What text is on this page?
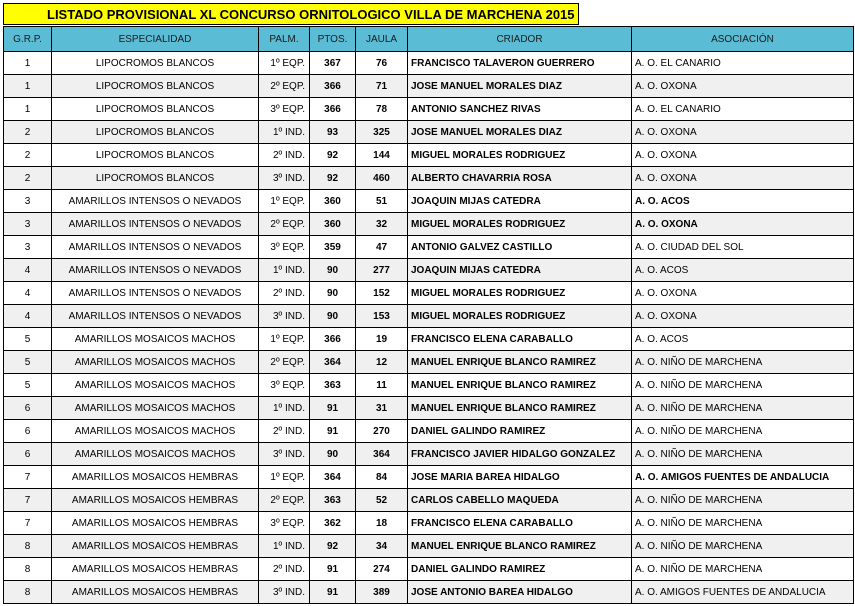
LISTADO PROVISIONAL XL CONCURSO ORNITOLOGICO VILLA DE MARCHENA 2015
G.R.P.	ESPECIALIDAD	PALM.	PTOS.	JAULA	CRIADOR	ASOCIACIÓN
1	LIPOCROMOS BLANCOS	1º EQP.	367	76	FRANCISCO TALAVERON GUERRERO	A. O. EL CANARIO
1	LIPOCROMOS BLANCOS	2º EQP.	366	71	JOSE MANUEL MORALES DIAZ	A. O. OXONA
1	LIPOCROMOS BLANCOS	3º EQP.	366	78	ANTONIO SANCHEZ RIVAS	A. O. EL CANARIO
2	LIPOCROMOS BLANCOS	1º IND.	93	325	JOSE MANUEL MORALES DIAZ	A. O. OXONA
2	LIPOCROMOS BLANCOS	2º IND.	92	144	MIGUEL MORALES RODRIGUEZ	A. O. OXONA
2	LIPOCROMOS BLANCOS	3º IND.	92	460	ALBERTO CHAVARRIA ROSA	A. O. OXONA
3	AMARILLOS INTENSOS O NEVADOS	1º EQP.	360	51	JOAQUIN MIJAS CATEDRA	A. O. ACOS
3	AMARILLOS INTENSOS O NEVADOS	2º EQP.	360	32	MIGUEL MORALES RODRIGUEZ	A. O. OXONA
3	AMARILLOS INTENSOS O NEVADOS	3º EQP.	359	47	ANTONIO GALVEZ CASTILLO	A. O. CIUDAD DEL SOL
4	AMARILLOS INTENSOS O NEVADOS	1º IND.	90	277	JOAQUIN MIJAS CATEDRA	A. O. ACOS
4	AMARILLOS INTENSOS O NEVADOS	2º IND.	90	152	MIGUEL MORALES RODRIGUEZ	A. O. OXONA
4	AMARILLOS INTENSOS O NEVADOS	3º IND.	90	153	MIGUEL MORALES RODRIGUEZ	A. O. OXONA
5	AMARILLOS MOSAICOS MACHOS	1º EQP.	366	19	FRANCISCO ELENA CARABALLO	A. O. ACOS
5	AMARILLOS MOSAICOS MACHOS	2º EQP.	364	12	MANUEL ENRIQUE BLANCO RAMIREZ	A. O. NIÑO DE MARCHENA
5	AMARILLOS MOSAICOS MACHOS	3º EQP.	363	11	MANUEL ENRIQUE BLANCO RAMIREZ	A. O. NIÑO DE MARCHENA
6	AMARILLOS MOSAICOS MACHOS	1º IND.	91	31	MANUEL ENRIQUE BLANCO RAMIREZ	A. O. NIÑO DE MARCHENA
6	AMARILLOS MOSAICOS MACHOS	2º IND.	91	270	DANIEL GALINDO RAMIREZ	A. O. NIÑO DE MARCHENA
6	AMARILLOS MOSAICOS MACHOS	3º IND.	90	364	FRANCISCO JAVIER HIDALGO GONZALEZ	A. O. NIÑO DE MARCHENA
7	AMARILLOS MOSAICOS HEMBRAS	1º EQP.	364	84	JOSE MARIA BAREA HIDALGO	A. O. AMIGOS FUENTES DE ANDALUCIA
7	AMARILLOS MOSAICOS HEMBRAS	2º EQP.	363	52	CARLOS CABELLO MAQUEDA	A. O. NIÑO DE MARCHENA
7	AMARILLOS MOSAICOS HEMBRAS	3º EQP.	362	18	FRANCISCO ELENA CARABALLO	A. O. NIÑO DE MARCHENA
8	AMARILLOS MOSAICOS HEMBRAS	1º IND.	92	34	MANUEL ENRIQUE BLANCO RAMIREZ	A. O. NIÑO DE MARCHENA
8	AMARILLOS MOSAICOS HEMBRAS	2º IND.	91	274	DANIEL GALINDO RAMIREZ	A. O. NIÑO DE MARCHENA
8	AMARILLOS MOSAICOS HEMBRAS	3º IND.	91	389	JOSE ANTONIO BAREA HIDALGO	A. O. AMIGOS FUENTES DE ANDALUCIA
